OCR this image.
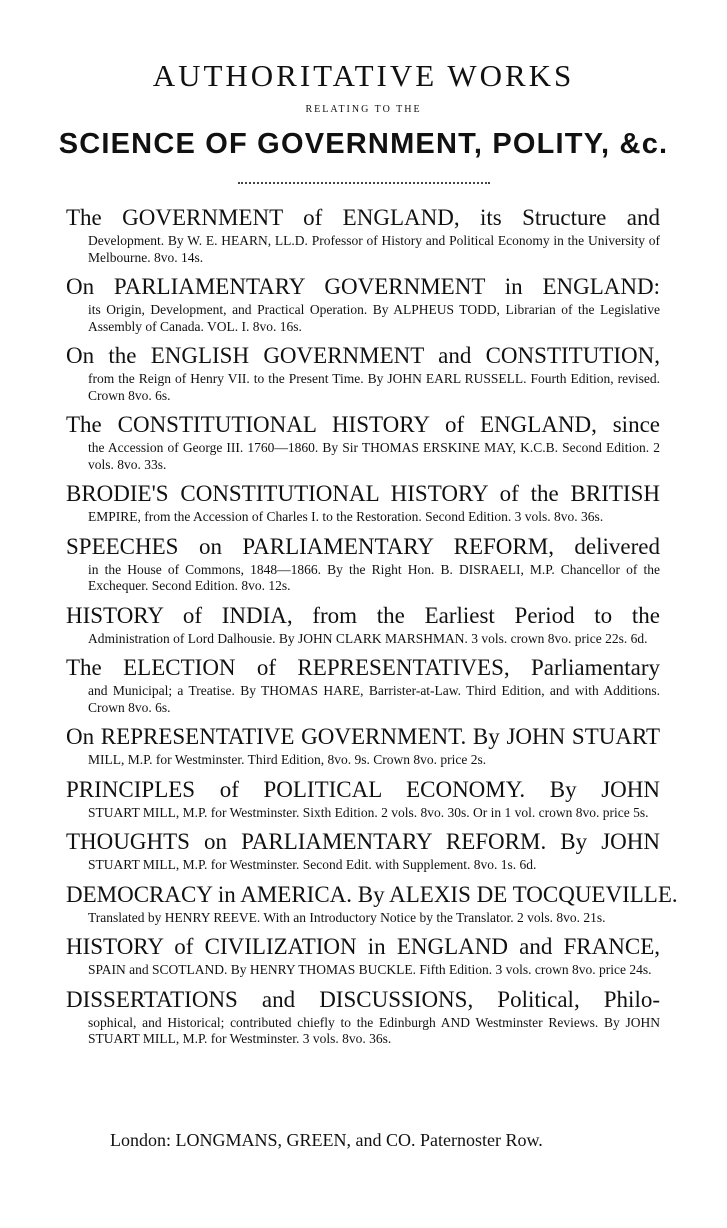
AUTHORITATIVE WORKS
RELATING TO THE
SCIENCE OF GOVERNMENT, POLITY, &c.
The GOVERNMENT of ENGLAND, its Structure and
Development. By W. E. HEARN, LL.D. Professor of History and Political Economy in the University of Melbourne. 8vo. 14s.
On PARLIAMENTARY GOVERNMENT in ENGLAND:
its Origin, Development, and Practical Operation. By ALPHEUS TODD, Librarian of the Legislative Assembly of Canada. VOL. I. 8vo. 16s.
On the ENGLISH GOVERNMENT and CONSTITUTION,
from the Reign of Henry VII. to the Present Time. By JOHN EARL RUSSELL. Fourth Edition, revised. Crown 8vo. 6s.
The CONSTITUTIONAL HISTORY of ENGLAND, since
the Accession of George III. 1760—1860. By Sir THOMAS ERSKINE MAY, K.C.B. Second Edition. 2 vols. 8vo. 33s.
BRODIE'S CONSTITUTIONAL HISTORY of the BRITISH
EMPIRE, from the Accession of Charles I. to the Restoration. Second Edition. 3 vols. 8vo. 36s.
SPEECHES on PARLIAMENTARY REFORM, delivered
in the House of Commons, 1848—1866. By the Right Hon. B. DISRAELI, M.P. Chancellor of the Exchequer. Second Edition. 8vo. 12s.
HISTORY of INDIA, from the Earliest Period to the
Administration of Lord Dalhousie. By JOHN CLARK MARSHMAN. 3 vols. crown 8vo. price 22s. 6d.
The ELECTION of REPRESENTATIVES, Parliamentary
and Municipal; a Treatise. By THOMAS HARE, Barrister-at-Law. Third Edition, and with Additions. Crown 8vo. 6s.
On REPRESENTATIVE GOVERNMENT. By JOHN STUART
MILL, M.P. for Westminster. Third Edition, 8vo. 9s. Crown 8vo. price 2s.
PRINCIPLES of POLITICAL ECONOMY. By JOHN
STUART MILL, M.P. for Westminster. Sixth Edition. 2 vols. 8vo. 30s. Or in 1 vol. crown 8vo. price 5s.
THOUGHTS on PARLIAMENTARY REFORM. By JOHN
STUART MILL, M.P. for Westminster. Second Edit. with Supplement. 8vo. 1s. 6d.
DEMOCRACY in AMERICA. By ALEXIS DE TOCQUEVILLE.
Translated by HENRY REEVE. With an Introductory Notice by the Translator. 2 vols. 8vo. 21s.
HISTORY of CIVILIZATION in ENGLAND and FRANCE,
SPAIN and SCOTLAND. By HENRY THOMAS BUCKLE. Fifth Edition. 3 vols. crown 8vo. price 24s.
DISSERTATIONS and DISCUSSIONS, Political, Philo-
sophical, and Historical; contributed chiefly to the Edinburgh AND Westminster Reviews. By JOHN STUART MILL, M.P. for Westminster. 3 vols. 8vo. 36s.
London: LONGMANS, GREEN, and CO. Paternoster Row.
